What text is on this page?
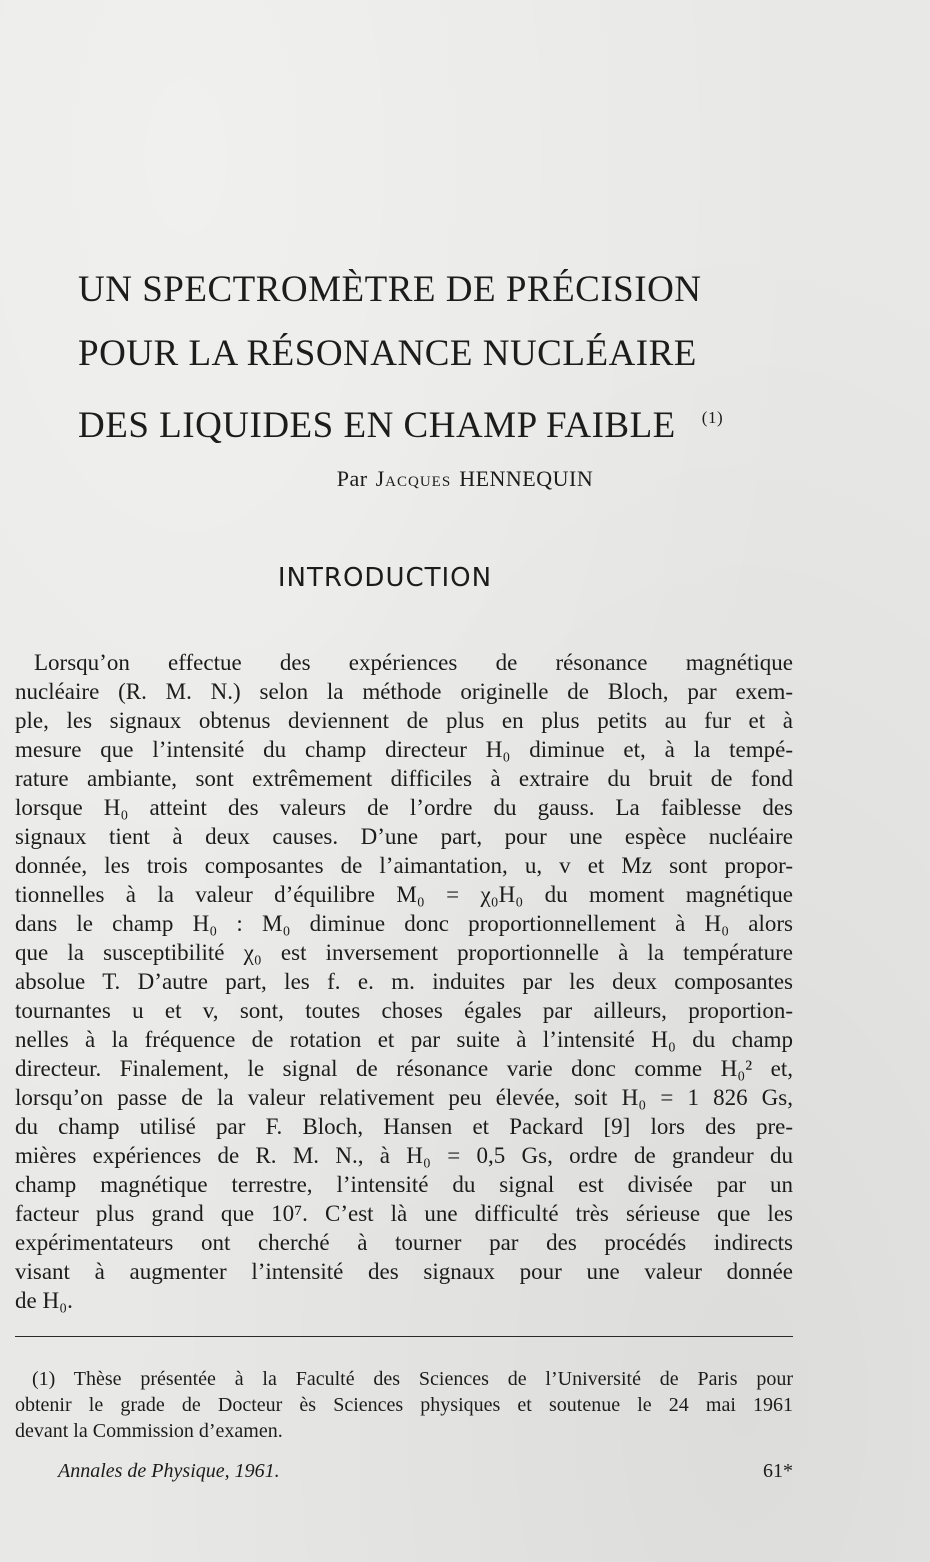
UN SPECTROMÈTRE DE PRÉCISION
POUR LA RÉSONANCE NUCLÉAIRE
DES LIQUIDES EN CHAMP FAIBLE $^{(1)}$
Par Jacques HENNEQUIN
INTRODUCTION
Lorsqu’on effectue des expériences de résonance magnétique
nucléaire (R. M. N.) selon la méthode originelle de Bloch, par exem-
ple, les signaux obtenus deviennent de plus en plus petits au fur et à
mesure que l’intensité du champ directeur H₀ diminue et, à la tempé-
rature ambiante, sont extrêmement difficiles à extraire du bruit de fond
lorsque H₀ atteint des valeurs de l’ordre du gauss. La faiblesse des
signaux tient à deux causes. D’une part, pour une espèce nucléaire
donnée, les trois composantes de l’aimantation, u, v et Mz sont propor-
tionnelles à la valeur d’équilibre M₀ = χ₀H₀ du moment magnétique
dans le champ H₀ : M₀ diminue donc proportionnellement à H₀ alors
que la susceptibilité χ₀ est inversement proportionnelle à la température
absolue T. D’autre part, les f. e. m. induites par les deux composantes
tournantes u et v, sont, toutes choses égales par ailleurs, proportion-
nelles à la fréquence de rotation et par suite à l’intensité H₀ du champ
directeur. Finalement, le signal de résonance varie donc comme H₀² et,
lorsqu’on passe de la valeur relativement peu élevée, soit H₀ = 1 826 Gs,
du champ utilisé par F. Bloch, Hansen et Packard [9] lors des pre-
mières expériences de R. M. N., à H₀ = 0,5 Gs, ordre de grandeur du
champ magnétique terrestre, l’intensité du signal est divisée par un
facteur plus grand que 10⁷. C’est là une difficulté très sérieuse que les
expérimentateurs ont cherché à tourner par des procédés indirects
visant à augmenter l’intensité des signaux pour une valeur donnée
de H₀.
(1) Thèse présentée à la Faculté des Sciences de l’Université de Paris pour
obtenir le grade de Docteur ès Sciences physiques et soutenue le 24 mai 1961
devant la Commission d’examen.
Annales de Physique, 1961.	61*
